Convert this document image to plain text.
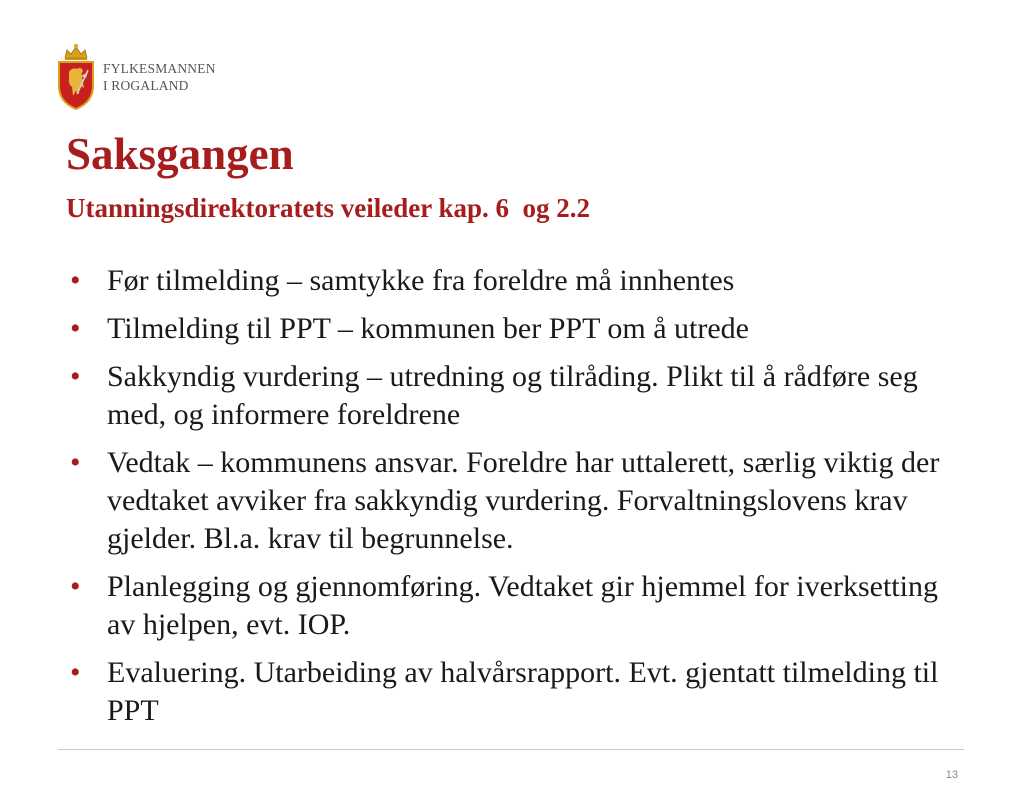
FYLKESMANNEN
I ROGALAND
Saksgangen
Utanningsdirektoratets veileder kap. 6  og 2.2
• Før tilmelding – samtykke fra foreldre må innhentes
• Tilmelding til PPT – kommunen ber PPT om å utrede
• Sakkyndig vurdering – utredning og tilråding. Plikt til å rådføre seg med, og informere foreldrene
• Vedtak – kommunens ansvar. Foreldre har uttalerett, særlig viktig der vedtaket avviker fra sakkyndig vurdering. Forvaltningslovens krav gjelder. Bl.a. krav til begrunnelse.
• Planlegging og gjennomføring. Vedtaket gir hjemmel for iverksetting av hjelpen, evt. IOP.
• Evaluering. Utarbeiding av halvårsrapport. Evt. gjentatt tilmelding til PPT
13
